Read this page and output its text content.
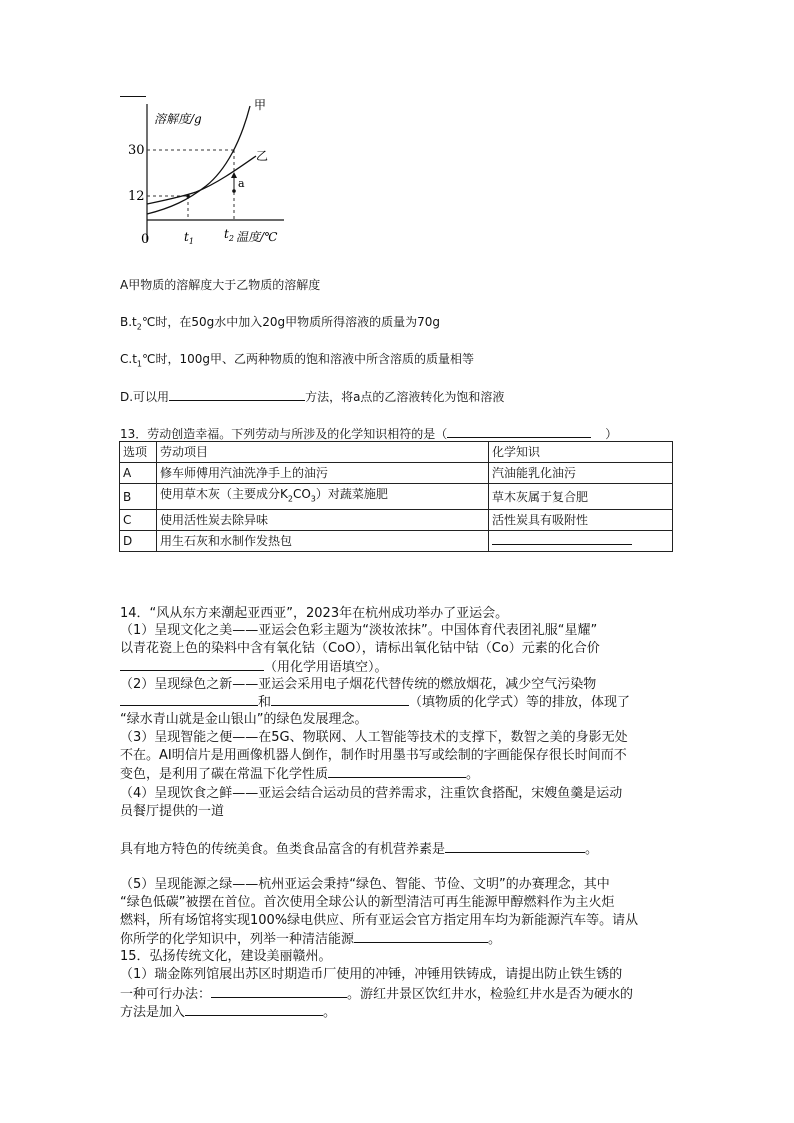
溶解度/g
甲
乙
a
30
12
0	$t_1$
$t_2$ 温度/℃
A甲物质的溶解度大于乙物质的溶解度
$B.t_2℃$时，在50g水中加入20g甲物质所得溶液的质量为70g
$C.t_1℃$时，100g甲、乙两种物质的饱和溶液中所含溶质的质量相等
D.可以用	方法，将a点的乙溶液转化为饱和溶液
13．劳动创造幸福。下列劳动与所涉及的化学知识相符的是（	）
选项	劳动项目	化学知识
A	修车师傅用汽油洗净手上的油污	汽油能乳化油污
B	使用草木灰（主要成分$K_2CO_3$）对蔬菜施肥	草木灰属于复合肥
C	使用活性炭去除异味	活性炭具有吸附性
D	用生石灰和水制作发热包	
14．“风从东方来潮起亚西亚”，2023年在杭州成功举办了亚运会。
（1）呈现文化之美——亚运会色彩主题为“淡妆浓抹”。中国体育代表团礼服“星耀”
以青花瓷上色的染料中含有氧化钴（CoO），请标出氧化钴中钴（Co）元素的化合价
（用化学用语填空）。
（2）呈现绿色之新——亚运会采用电子烟花代替传统的燃放烟花，减少空气污染物
和	（填物质的化学式）等的排放，体现了
“绿水青山就是金山银山”的绿色发展理念。
（3）呈现智能之便——在5G、物联网、人工智能等技术的支撑下，数智之美的身影无处
不在。AI明信片是用画像机器人倒作，制作时用墨书写或绘制的字画能保存很长时间而不
变色，是利用了碳在常温下化学性质	。
（4）呈现饮食之鲜——亚运会结合运动员的营养需求，注重饮食搭配，宋嫂鱼羹是运动
员餐厅提供的一道
具有地方特色的传统美食。鱼类食品富含的有机营养素是	。
（5）呈现能源之绿——杭州亚运会秉持“绿色、智能、节俭、文明”的办赛理念，其中
“绿色低碳”被摆在首位。首次使用全球公认的新型清洁可再生能源甲醇燃料作为主火炬
燃料，所有场馆将实现100%绿电供应、所有亚运会官方指定用车均为新能源汽车等。请从
你所学的化学知识中，列举一种清洁能源	。
15．弘扬传统文化，建设美丽赣州。
（1）瑞金陈列馆展出苏区时期造币厂使用的冲锤，冲锤用铁铸成，请提出防止铁生锈的
一种可行办法：	。游红井景区饮红井水，检验红井水是否为硬水的
方法是加入	。
